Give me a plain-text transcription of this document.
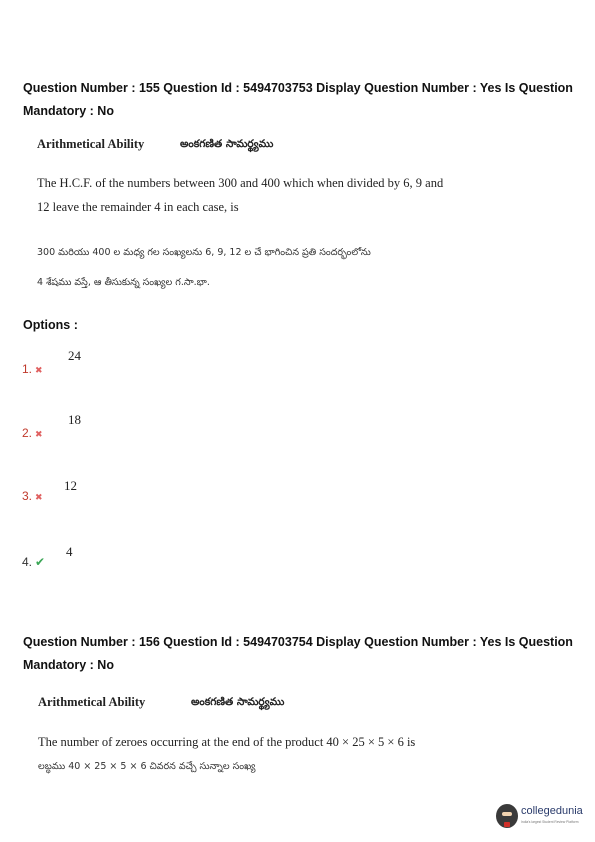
Question Number : 155 Question Id : 5494703753 Display Question Number : Yes Is Question
Mandatory : No
Arithmetical Ability	అంకగణిత సామర్థ్యము
The H.C.F. of the numbers between 300 and 400 which when divided by 6, 9 and
12 leave the remainder 4 in each case, is
300 మరియు 400 ల మధ్య గల సంఖ్యలను 6, 9, 12 ల చే భాగించిన ప్రతి సందర్భంలోను
4 శేషము వస్తే, ఆ తీసుకున్న సంఖ్యల గ.సా.భా.
Options :
24
1. ✖
18
2. ✖
12
3. ✖
4
4. ✔
Question Number : 156 Question Id : 5494703754 Display Question Number : Yes Is Question
Mandatory : No
Arithmetical Ability	అంకగణిత సామర్థ్యము
The number of zeroes occurring at the end of the product 40 × 25 × 5 × 6 is
లబ్ధము 40 × 25 × 5 × 6 చివరన వచ్చే సున్నాల సంఖ్య
collegedunia
India's largest Student Review Platform
